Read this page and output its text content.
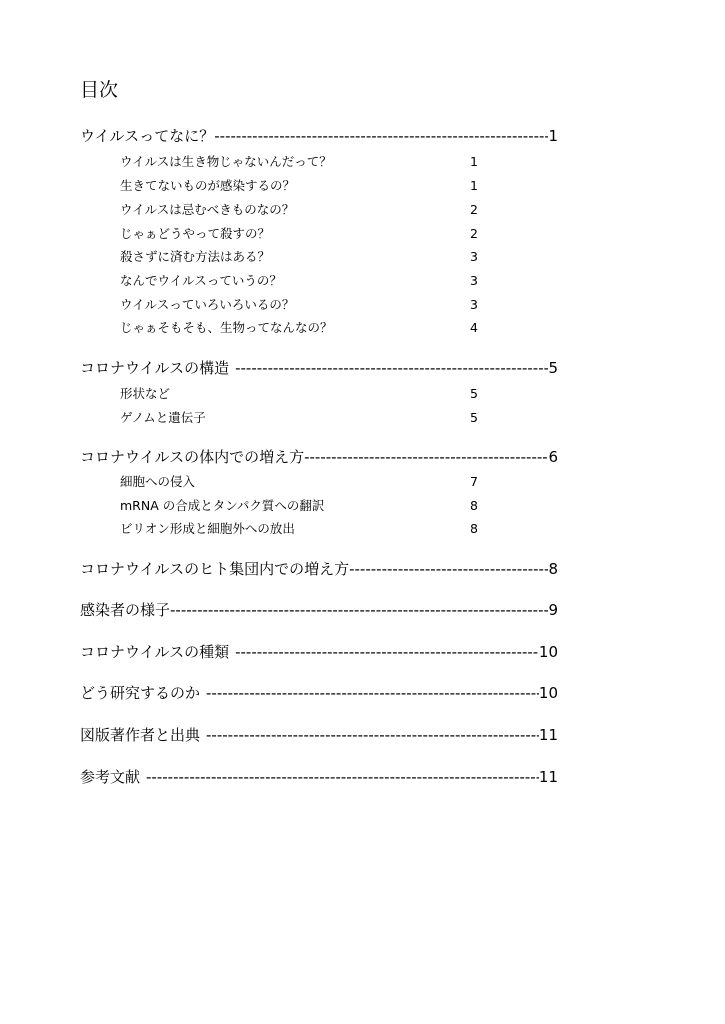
目次
ウイルスってなに？ -----	1
ウイルスは生き物じゃないんだって？	1
生きてないものが感染するの？	1
ウイルスは忌むべきものなの？	2
じゃぁどうやって殺すの？	2
殺さずに済む方法はある？	3
なんでウイルスっていうの？	3
ウイルスっていろいろいるの？	3
じゃぁそもそも、生物ってなんなの？	4
コロナウイルスの構造 -----	5
形状など	5
ゲノムと遺伝子	5
コロナウイルスの体内での増え方 -----	6
細胞への侵入	7
mRNA の合成とタンパク質への翻訳	8
ビリオン形成と細胞外への放出	8
コロナウイルスのヒト集団内での増え方 -----	8
感染者の様子 -----	9
コロナウイルスの種類 -----	10
どう研究するのか -----	10
図版著作者と出典 -----	11
参考文献 -----	11
